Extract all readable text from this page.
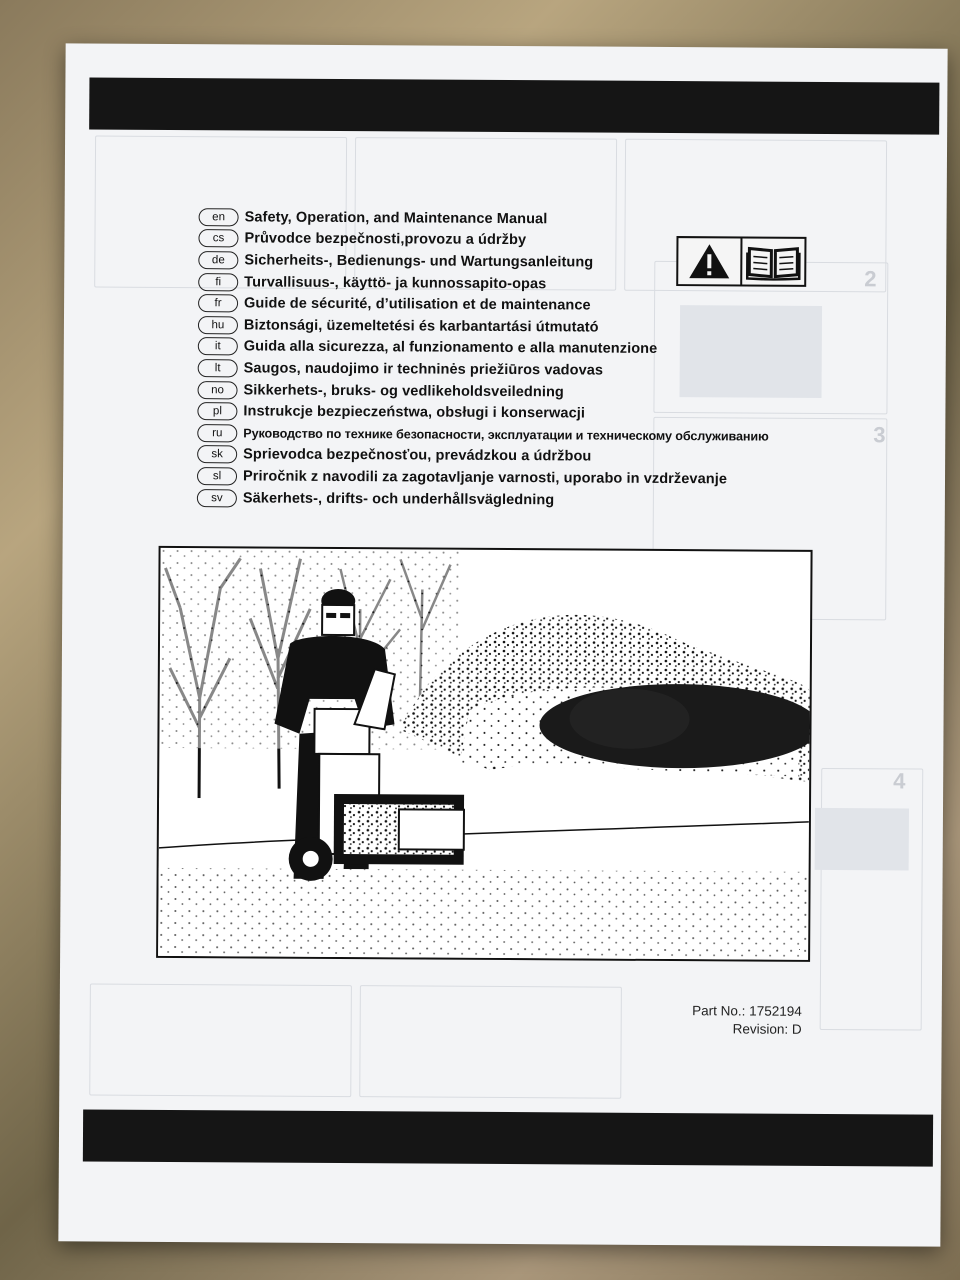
2
3
4
en	Safety, Operation, and Maintenance Manual
cs	Průvodce bezpečnosti,provozu a údržby
de	Sicherheits-, Bedienungs- und Wartungsanleitung
fi	Turvallisuus-, käyttö- ja kunnossapito-opas
fr	Guide de sécurité, d’utilisation et de maintenance
hu	Biztonsági, üzemeltetési és karbantartási útmutató
it	Guida alla sicurezza, al funzionamento e alla manutenzione
lt	Saugos, naudojimo ir techninės priežiūros vadovas
no	Sikkerhets-, bruks- og vedlikeholdsveiledning
pl	Instrukcje bezpieczeństwa, obsługi i konserwacji
ru	Руководство по технике безопасности, эксплуатации и техническому обслуживанию
sk	Sprievodca bezpečnosťou, prevádzkou a údržbou
sl	Priročnik z navodili za zagotavljanje varnosti, uporabo in vzdrževanje
sv	Säkerhets-, drifts- och underhållsvägledning
·
Part No.: 1752194
Revision: D
